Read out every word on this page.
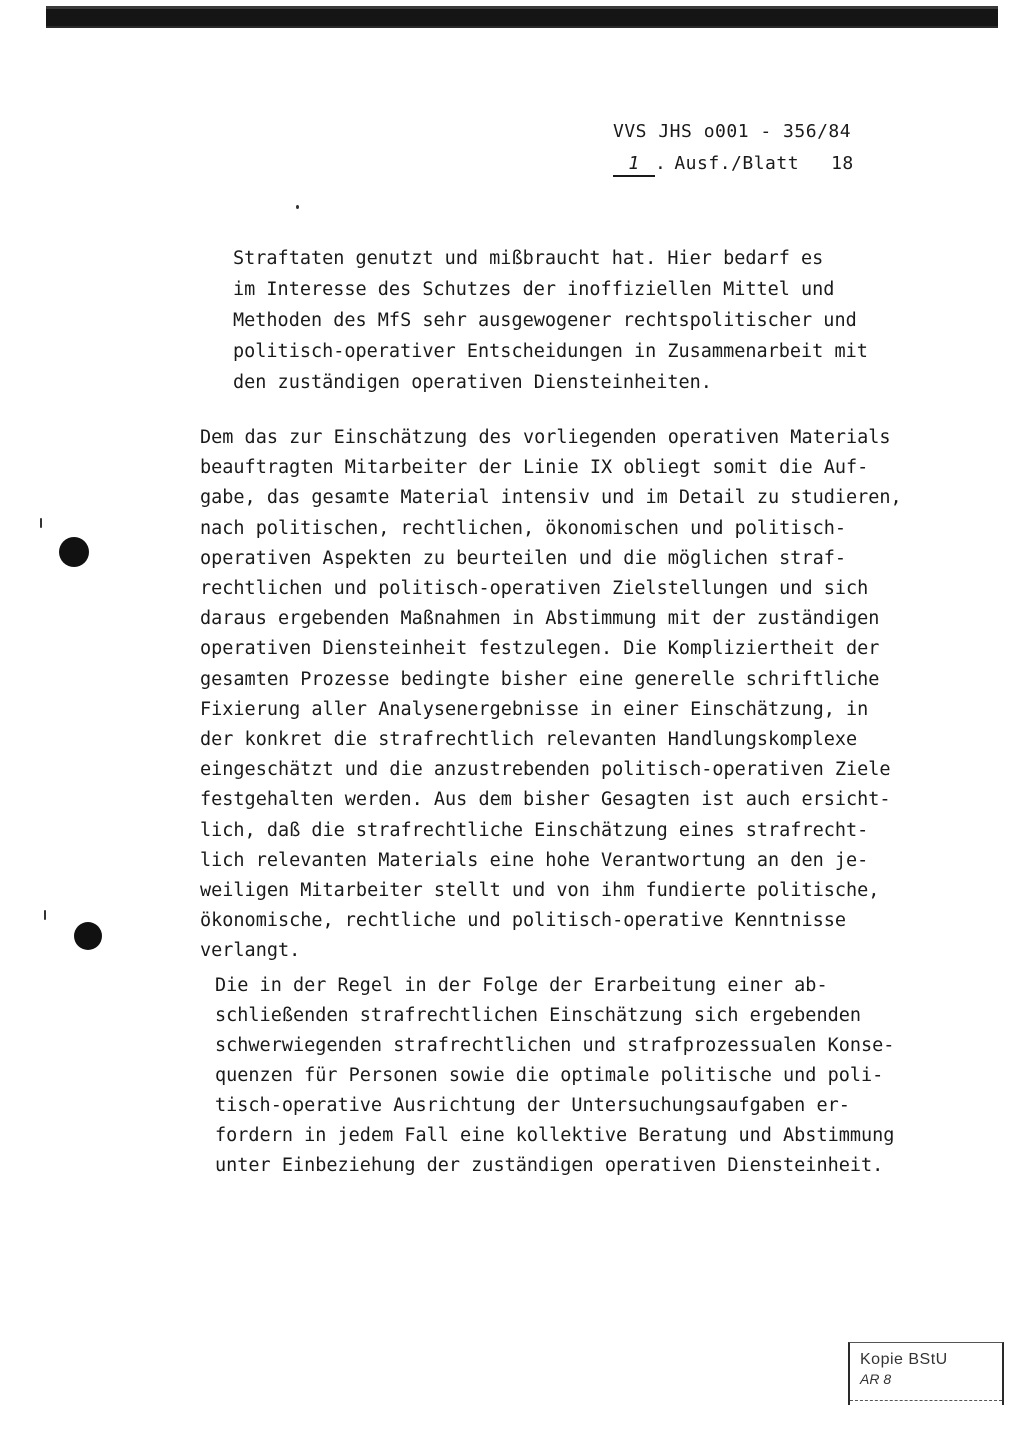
VVS JHS o001 - 356/84
1 . Ausf./Blatt 18
Straftaten genutzt und mißbraucht hat. Hier bedarf es
im Interesse des Schutzes der inoffiziellen Mittel und
Methoden des MfS sehr ausgewogener rechtspolitischer und
politisch-operativer Entscheidungen in Zusammenarbeit mit
den zuständigen operativen Diensteinheiten.
Dem das zur Einschätzung des vorliegenden operativen Materials
beauftragten Mitarbeiter der Linie IX obliegt somit die Auf-
gabe, das gesamte Material intensiv und im Detail zu studieren,
nach politischen, rechtlichen, ökonomischen und politisch-
operativen Aspekten zu beurteilen und die möglichen straf-
rechtlichen und politisch-operativen Zielstellungen und sich
daraus ergebenden Maßnahmen in Abstimmung mit der zuständigen
operativen Diensteinheit festzulegen. Die Kompliziertheit der
gesamten Prozesse bedingte bisher eine generelle schriftliche
Fixierung aller Analysenergebnisse in einer Einschätzung, in
der konkret die strafrechtlich relevanten Handlungskomplexe
eingeschätzt und die anzustrebenden politisch-operativen Ziele
festgehalten werden. Aus dem bisher Gesagten ist auch ersicht-
lich, daß die strafrechtliche Einschätzung eines strafrecht-
lich relevanten Materials eine hohe Verantwortung an den je-
weiligen Mitarbeiter stellt und von ihm fundierte politische,
ökonomische, rechtliche und politisch-operative Kenntnisse
verlangt.
Die in der Regel in der Folge der Erarbeitung einer ab-
schließenden strafrechtlichen Einschätzung sich ergebenden
schwerwiegenden strafrechtlichen und strafprozessualen Konse-
quenzen für Personen sowie die optimale politische und poli-
tisch-operative Ausrichtung der Untersuchungsaufgaben er-
fordern in jedem Fall eine kollektive Beratung und Abstimmung
unter Einbeziehung der zuständigen operativen Diensteinheit.
Kopie BStU
AR 8
